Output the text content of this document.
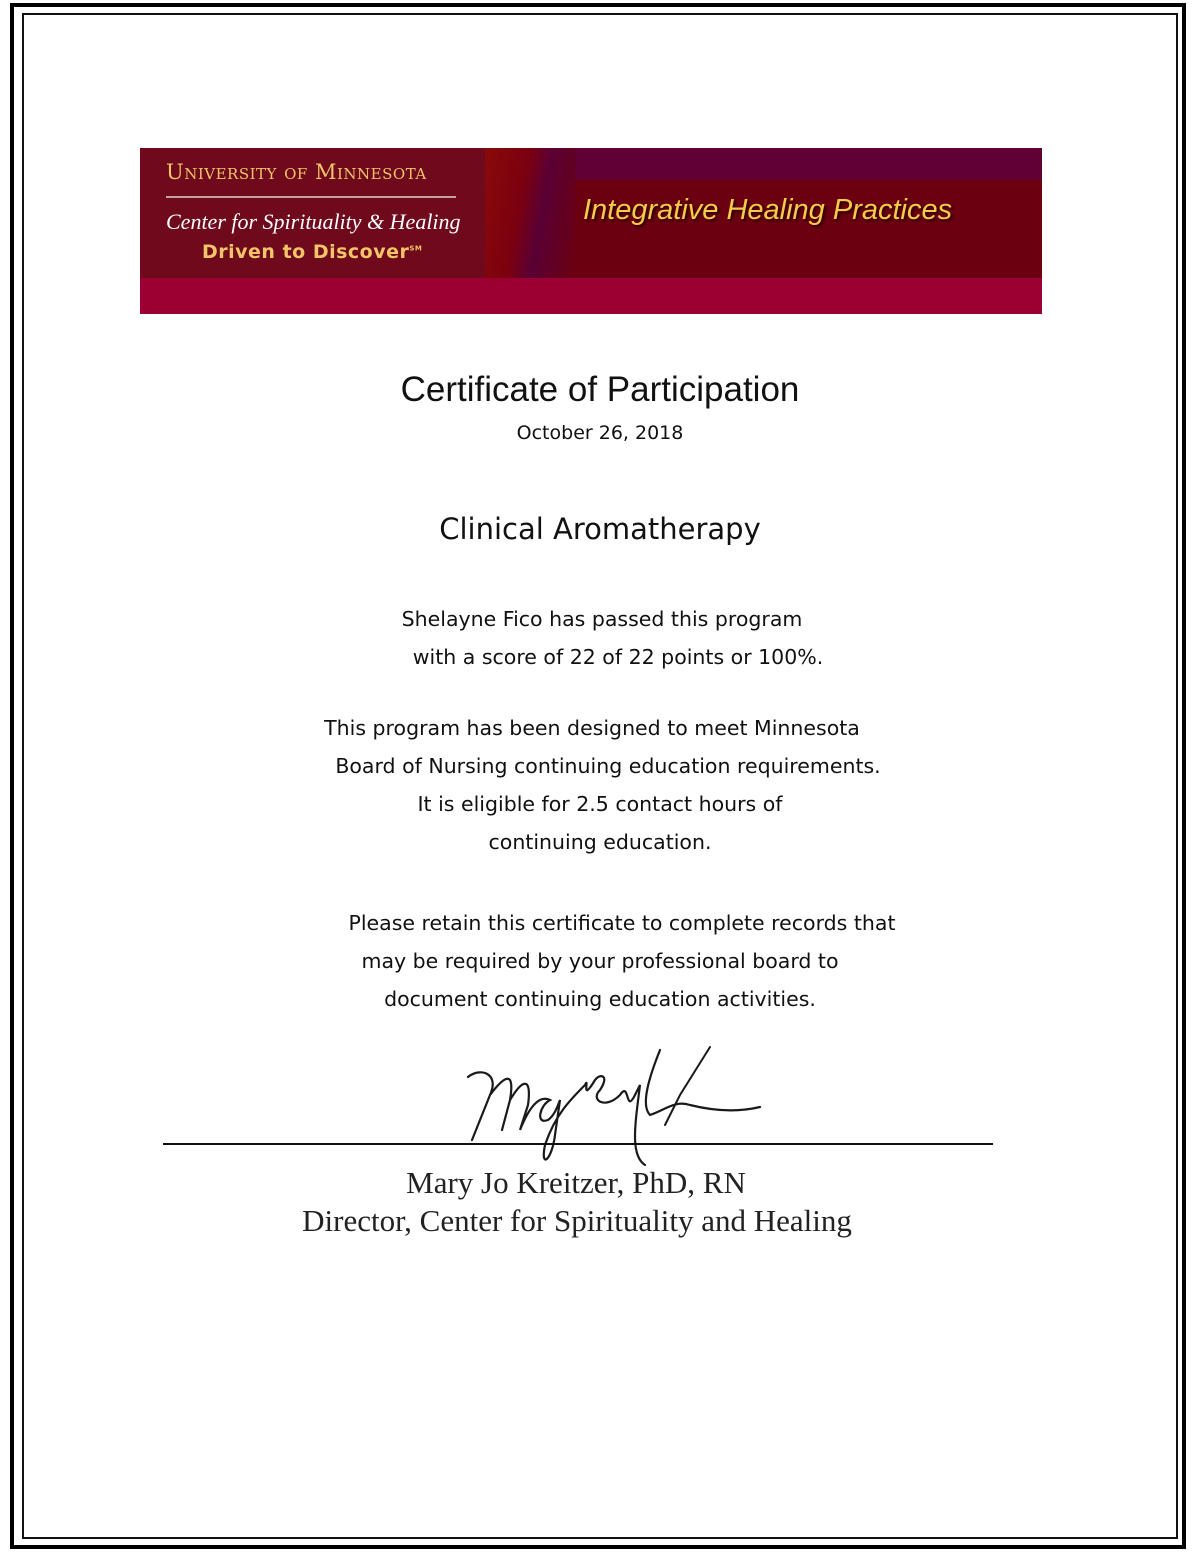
University of Minnesota
Center for Spirituality & Healing
Driven to Discover℠
Integrative Healing Practices
Certificate of Participation
October 26, 2018
Clinical Aromatherapy
Shelayne Fico has passed this program
with a score of 22 of 22 points or 100%.
This program has been designed to meet Minnesota
Board of Nursing continuing education requirements.
It is eligible for 2.5 contact hours of
continuing education.
Please retain this certificate to complete records that
may be required by your professional board to
document continuing education activities.
Mary Jo Kreitzer, PhD, RN
Director, Center for Spirituality and Healing
